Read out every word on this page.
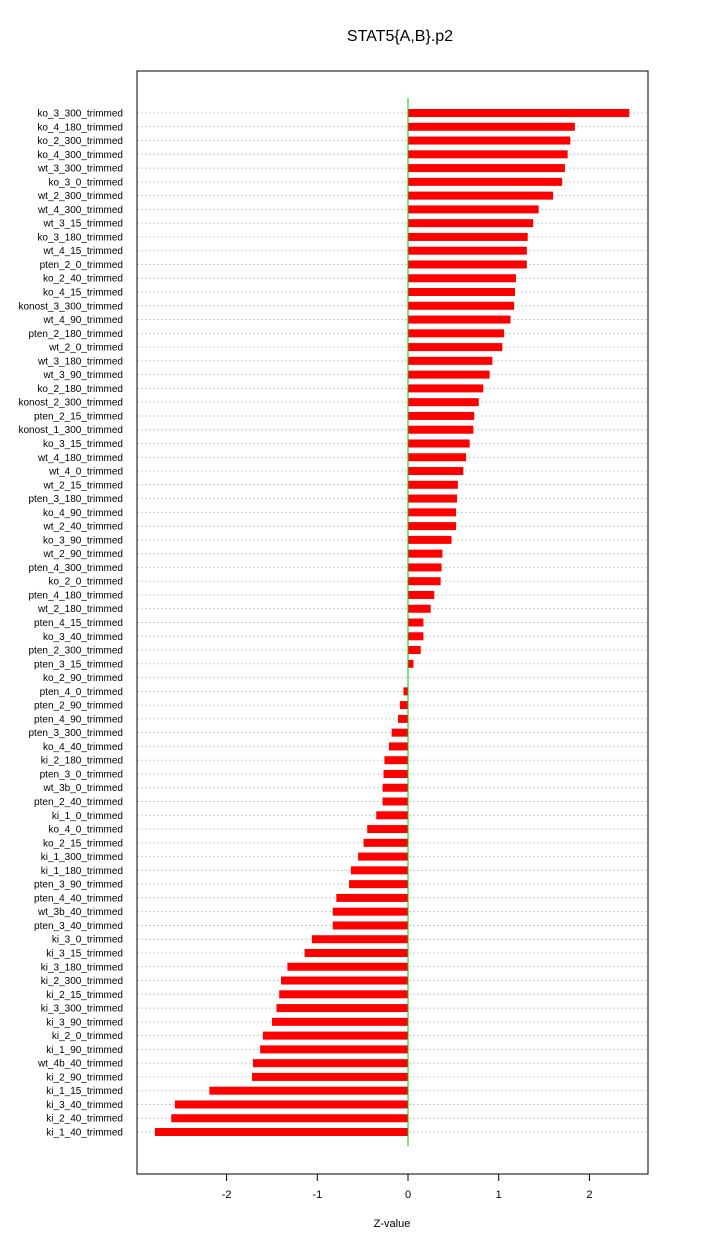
STAT5{A,B}.p2
ko_3_300_trimmed
ko_4_180_trimmed
ko_2_300_trimmed
ko_4_300_trimmed
wt_3_300_trimmed
ko_3_0_trimmed
wt_2_300_trimmed
wt_4_300_trimmed
wt_3_15_trimmed
ko_3_180_trimmed
wt_4_15_trimmed
pten_2_0_trimmed
ko_2_40_trimmed
ko_4_15_trimmed
konost_3_300_trimmed
wt_4_90_trimmed
pten_2_180_trimmed
wt_2_0_trimmed
wt_3_180_trimmed
wt_3_90_trimmed
ko_2_180_trimmed
konost_2_300_trimmed
pten_2_15_trimmed
konost_1_300_trimmed
ko_3_15_trimmed
wt_4_180_trimmed
wt_4_0_trimmed
wt_2_15_trimmed
pten_3_180_trimmed
ko_4_90_trimmed
wt_2_40_trimmed
ko_3_90_trimmed
wt_2_90_trimmed
pten_4_300_trimmed
ko_2_0_trimmed
pten_4_180_trimmed
wt_2_180_trimmed
pten_4_15_trimmed
ko_3_40_trimmed
pten_2_300_trimmed
pten_3_15_trimmed
ko_2_90_trimmed
pten_4_0_trimmed
pten_2_90_trimmed
pten_4_90_trimmed
pten_3_300_trimmed
ko_4_40_trimmed
ki_2_180_trimmed
pten_3_0_trimmed
wt_3b_0_trimmed
pten_2_40_trimmed
ki_1_0_trimmed
ko_4_0_trimmed
ko_2_15_trimmed
ki_1_300_trimmed
ki_1_180_trimmed
pten_3_90_trimmed
pten_4_40_trimmed
wt_3b_40_trimmed
pten_3_40_trimmed
ki_3_0_trimmed
ki_3_15_trimmed
ki_3_180_trimmed
ki_2_300_trimmed
ki_2_15_trimmed
ki_3_300_trimmed
ki_3_90_trimmed
ki_2_0_trimmed
ki_1_90_trimmed
wt_4b_40_trimmed
ki_2_90_trimmed
ki_1_15_trimmed
ki_3_40_trimmed
ki_2_40_trimmed
ki_1_40_trimmed
-2	-1	0	1	2
Z-value
